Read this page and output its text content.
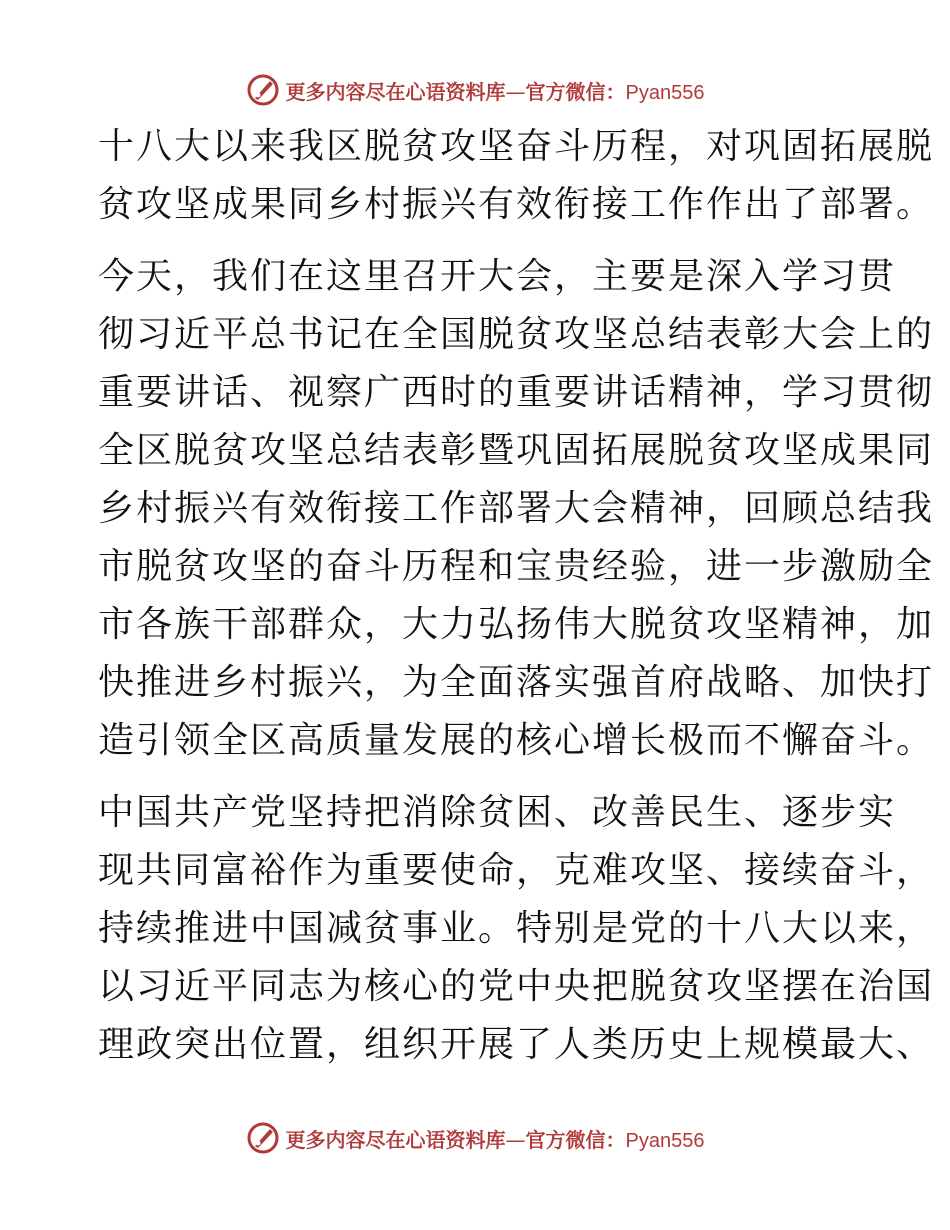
更多内容尽在心语资料库—官方微信：Pyan556

十八大以来我区脱贫攻坚奋斗历程，对巩固拓展脱
贫攻坚成果同乡村振兴有效衔接工作作出了部署。

今天，我们在这里召开大会，主要是深入学习贯
彻习近平总书记在全国脱贫攻坚总结表彰大会上的
重要讲话、视察广西时的重要讲话精神，学习贯彻
全区脱贫攻坚总结表彰暨巩固拓展脱贫攻坚成果同
乡村振兴有效衔接工作部署大会精神，回顾总结我
市脱贫攻坚的奋斗历程和宝贵经验，进一步激励全
市各族干部群众，大力弘扬伟大脱贫攻坚精神，加
快推进乡村振兴，为全面落实强首府战略、加快打
造引领全区高质量发展的核心增长极而不懈奋斗。

中国共产党坚持把消除贫困、改善民生、逐步实
现共同富裕作为重要使命，克难攻坚、接续奋斗，
持续推进中国减贫事业。特别是党的十八大以来，
以习近平同志为核心的党中央把脱贫攻坚摆在治国
理政突出位置，组织开展了人类历史上规模最大、

更多内容尽在心语资料库—官方微信：Pyan556
